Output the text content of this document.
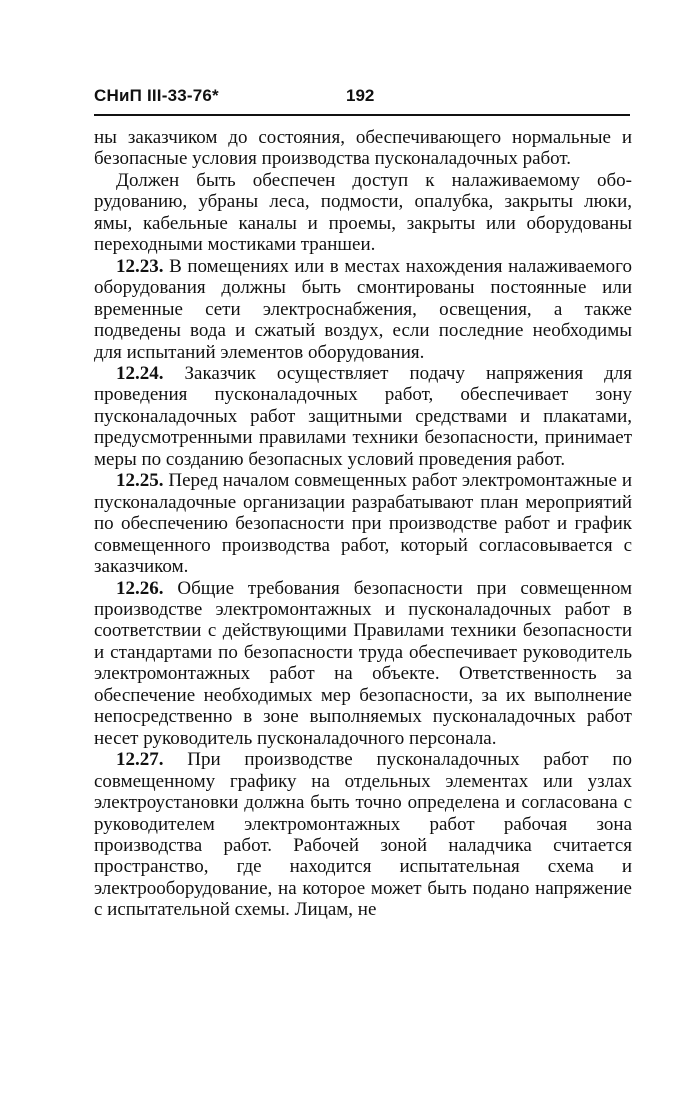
СНиП III-33-76*	192

ны заказчиком до состояния, обеспечивающего нормальные и безопасные условия производства пусконаладочных работ.

Должен быть обеспечен доступ к налаживаемому оборудованию, убраны леса, подмости, опалубка, закрыты люки, ямы, кабельные каналы и проемы, закрыты или оборудованы переходными мостиками траншеи.

12.23. В помещениях или в местах нахождения налаживаемого оборудования должны быть смонтированы постоянные или временные сети электроснабжения, освещения, а также подведены вода и сжатый воздух, если последние необходимы для испытаний элементов оборудования.

12.24. Заказчик осуществляет подачу напряжения для проведения пусконаладочных работ, обеспечивает зону пусконаладочных работ защитными средствами и плакатами, предусмотренными правилами техники безопасности, принимает меры по созданию безопасных условий проведения работ.

12.25. Перед началом совмещенных работ электромонтажные и пусконаладочные организации разрабатывают план мероприятий по обеспечению безопасности при производстве работ и график совмещенного производства работ, который согласовывается с заказчиком.

12.26. Общие требования безопасности при совмещенном производстве электромонтажных и пусконаладочных работ в соответствии с действующими Правилами техники безопасности и стандартами по безопасности труда обеспечивает руководитель электромонтажных работ на объекте. Ответственность за обеспечение необходимых мер безопасности, за их выполнение непосредственно в зоне выполняемых пусконаладочных работ несет руководитель пусконаладочного персонала.

12.27. При производстве пусконаладочных работ по совмещенному графику на отдельных элементах или узлах электроустановки должна быть точно определена и согласована с руководителем электромонтажных работ рабочая зона производства работ. Рабочей зоной наладчика считается пространство, где находится испытательная схема и электрооборудование, на которое может быть подано напряжение с испытательной схемы. Лицам, не
